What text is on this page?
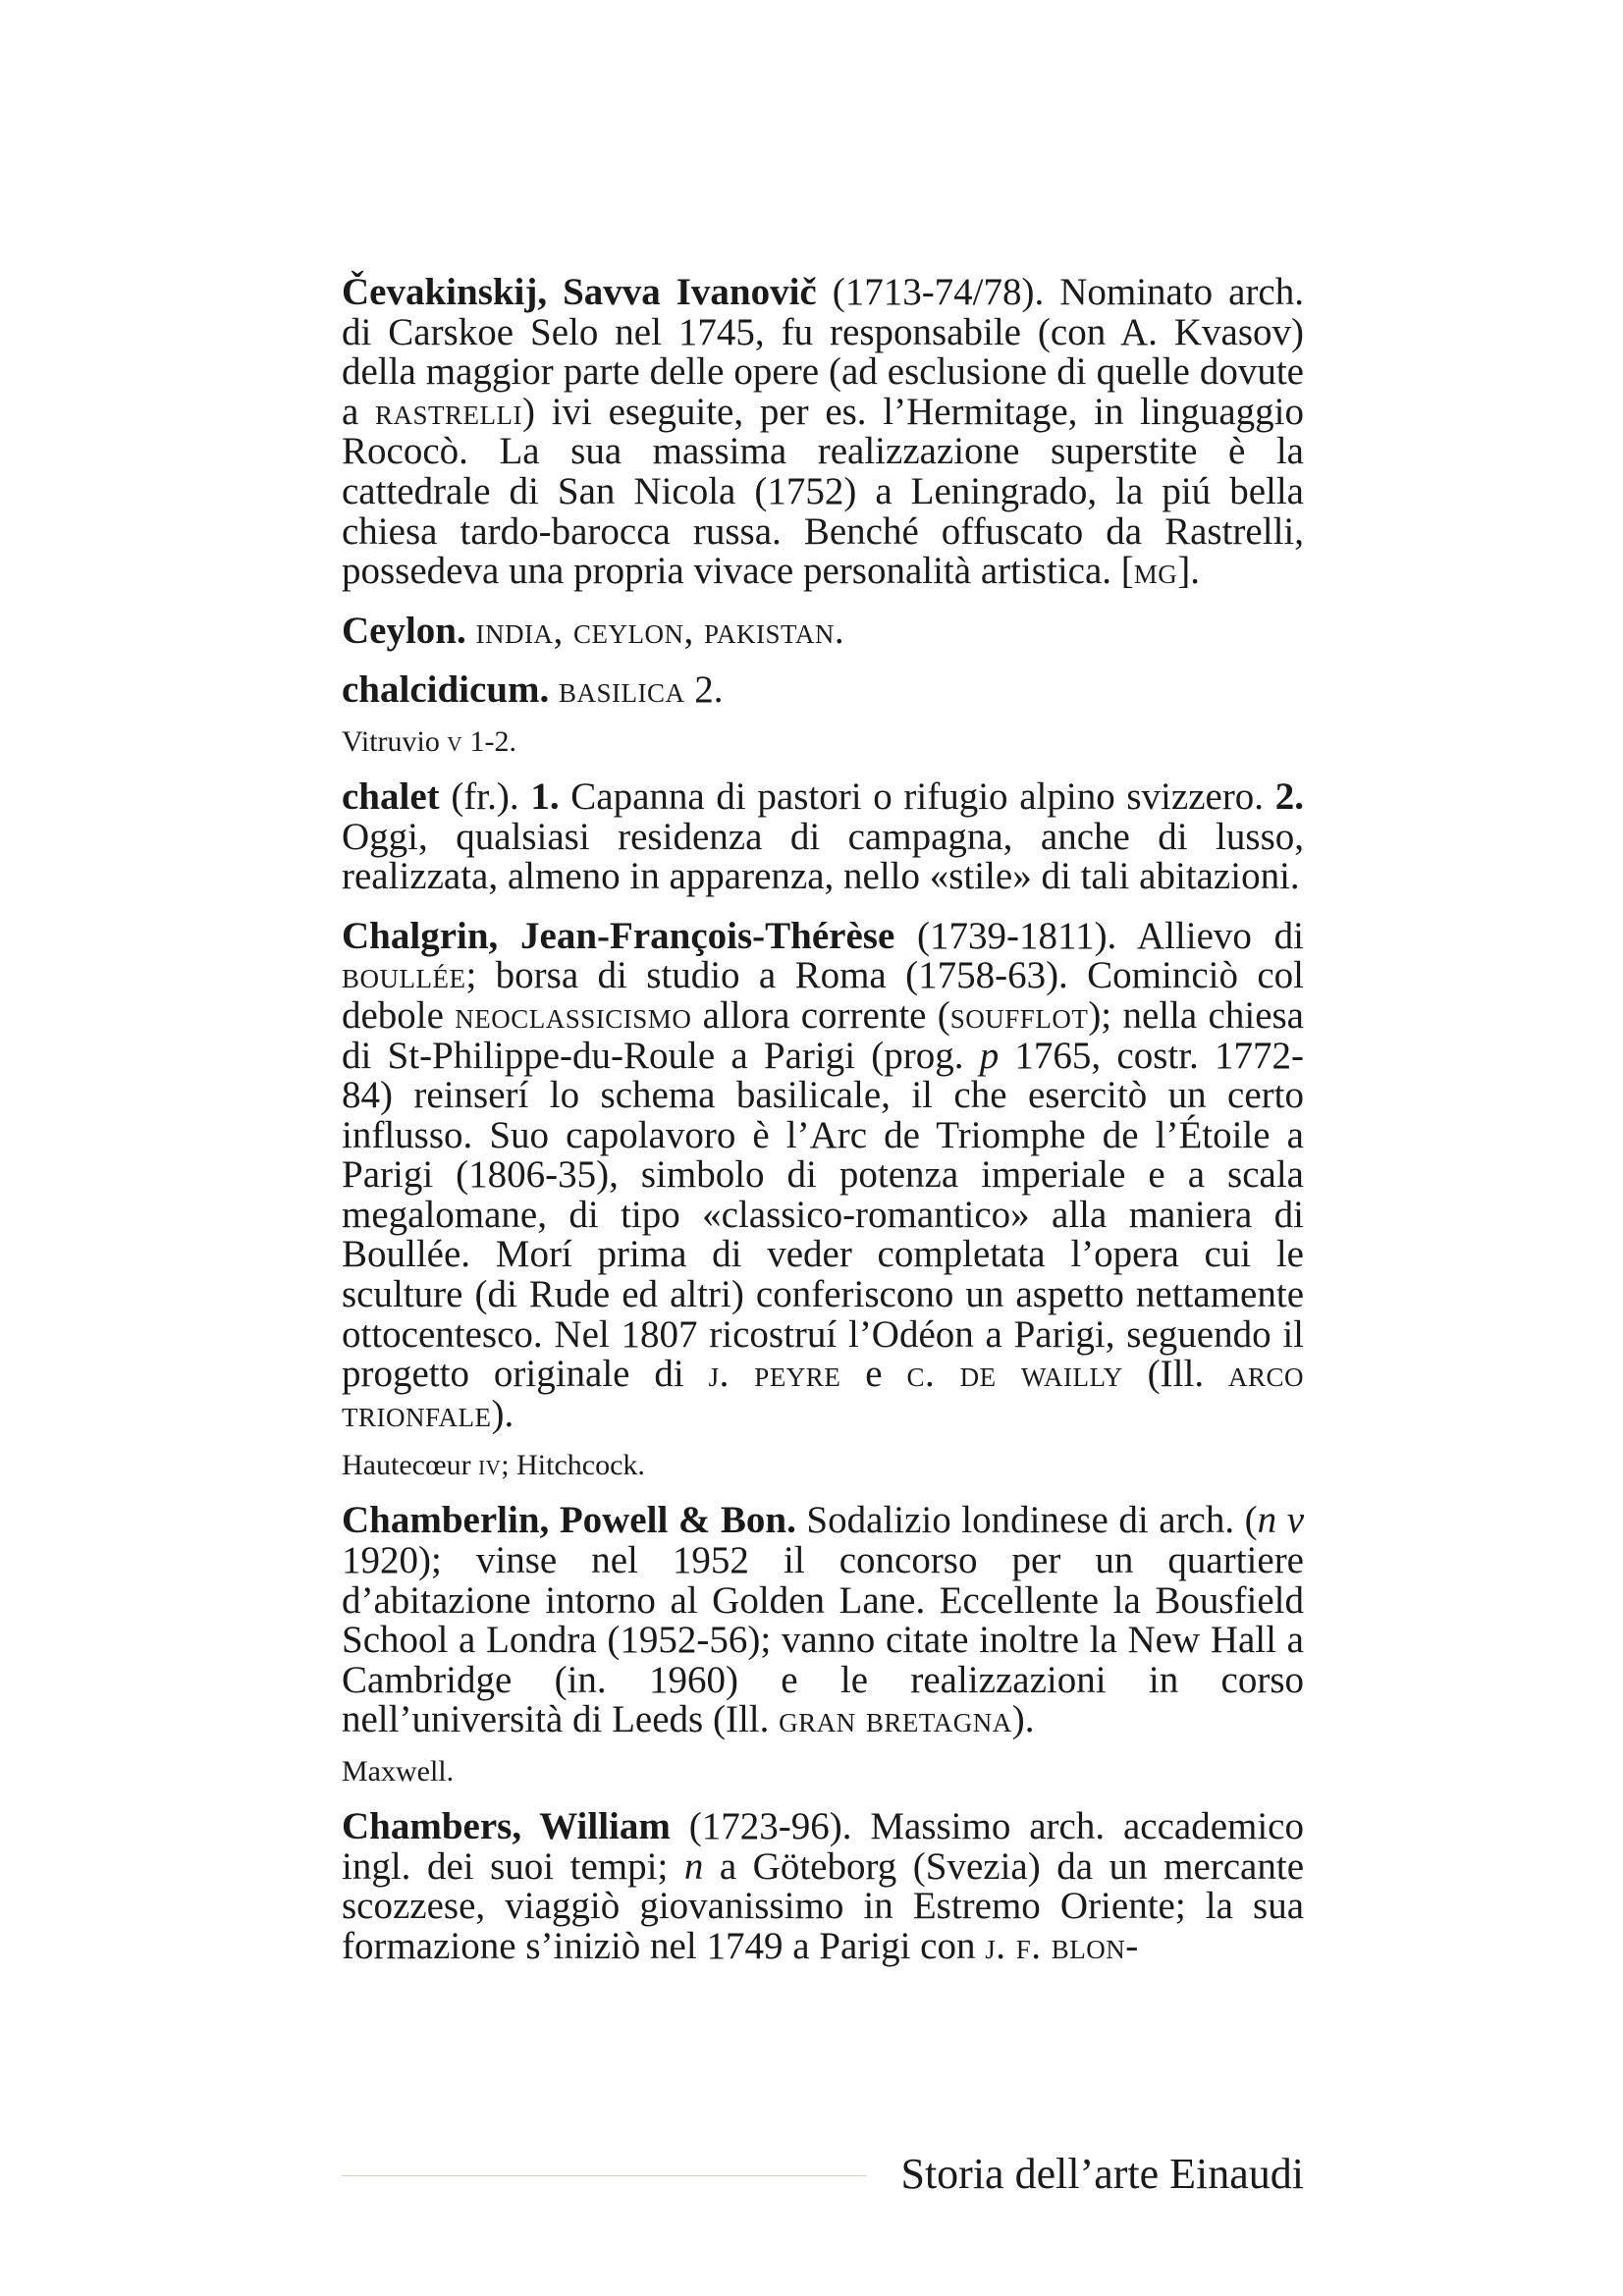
Čevakinskij, Savva Ivanovič (1713-74/78). Nominato arch. di Carskoe Selo nel 1745, fu responsabile (con A. Kvasov) della maggior parte delle opere (ad esclusione di quelle dovute a rastrelli) ivi eseguite, per es. l’Hermitage, in linguaggio Rococò. La sua massima realizzazione superstite è la cattedrale di San Nicola (1752) a Leningrado, la piú bella chiesa tardo-barocca russa. Benché offuscato da Rastrelli, possedeva una propria vivace personalità artistica. [mg].

Ceylon. india, ceylon, pakistan.

chalcidicum. basilica 2.

Vitruvio v 1-2.

chalet (fr.). 1. Capanna di pastori o rifugio alpino svizzero. 2. Oggi, qualsiasi residenza di campagna, anche di lusso, realizzata, almeno in apparenza, nello «stile» di tali abitazioni.

Chalgrin, Jean-François-Thérèse (1739-1811). Allievo di boullée; borsa di studio a Roma (1758-63). Cominciò col debole neoclassicismo allora corrente (soufflot); nella chiesa di St-Philippe-du-Roule a Parigi (prog. p 1765, costr. 1772-84) reinserí lo schema basilicale, il che esercitò un certo influsso. Suo capolavoro è l’Arc de Triomphe de l’Étoile a Parigi (1806-35), simbolo di potenza imperiale e a scala megalomane, di tipo «classico-romantico» alla maniera di Boullée. Morí prima di veder completata l’opera cui le sculture (di Rude ed altri) conferiscono un aspetto nettamente ottocentesco. Nel 1807 ricostruí l’Odéon a Parigi, seguendo il progetto originale di j. peyre e c. de wailly (Ill. arco trionfale).

Hautecœur iv; Hitchcock.

Chamberlin, Powell & Bon. Sodalizio londinese di arch. (n v 1920); vinse nel 1952 il concorso per un quartiere d’abitazione intorno al Golden Lane. Eccellente la Bousfield School a Londra (1952-56); vanno citate inoltre la New Hall a Cambridge (in. 1960) e le realizzazioni in corso nell’università di Leeds (Ill. gran bretagna).

Maxwell.

Chambers, William (1723-96). Massimo arch. accademico ingl. dei suoi tempi; n a Göteborg (Svezia) da un mercante scozzese, viaggiò giovanissimo in Estremo Oriente; la sua formazione s’iniziò nel 1749 a Parigi con j. f. blon-

Storia dell’arte Einaudi
